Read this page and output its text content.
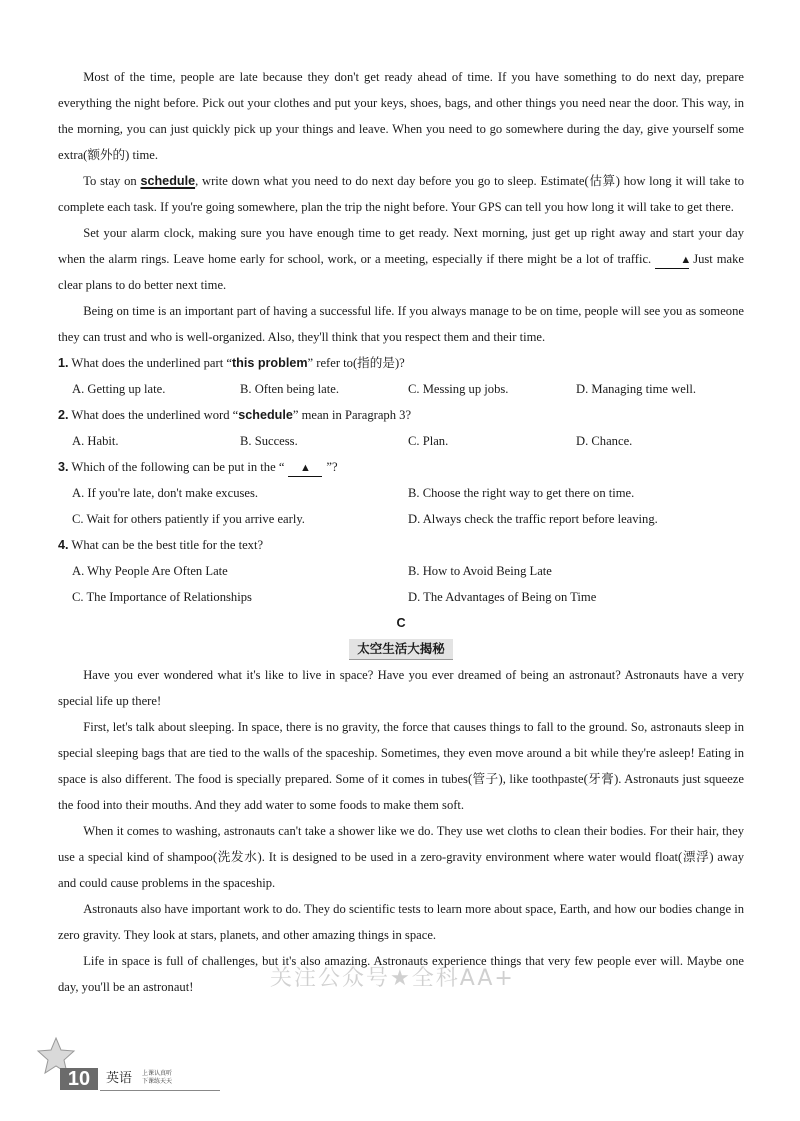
Most of the time, people are late because they don't get ready ahead of time. If you have something to do next day, prepare everything the night before. Pick out your clothes and put your keys, shoes, bags, and other things you need near the door. This way, in the morning, you can just quickly pick up your things and leave. When you need to go somewhere during the day, give yourself some extra(额外的) time.

To stay on schedule, write down what you need to do next day before you go to sleep. Estimate(估算) how long it will take to complete each task. If you're going somewhere, plan the trip the night before. Your GPS can tell you how long it will take to get there.

Set your alarm clock, making sure you have enough time to get ready. Next morning, just get up right away and start your day when the alarm rings. Leave home early for school, work, or a meeting, especially if there might be a lot of traffic.	▲ Just make clear plans to do better next time.

Being on time is an important part of having a successful life. If you always manage to be on time, people will see you as someone they can trust and who is well-organized. Also, they'll think that you respect them and their time.

1. What does the underlined part “this problem” refer to(指的是)?
A. Getting up late.	B. Often being late.	C. Messing up jobs.	D. Managing time well.
2. What does the underlined word “schedule” mean in Paragraph 3?
A. Habit.	B. Success.	C. Plan.	D. Chance.
3. Which of the following can be put in the “ ▲ ”?
A. If you're late, don't make excuses.	B. Choose the right way to get there on time.
C. Wait for others patiently if you arrive early.	D. Always check the traffic report before leaving.
4. What can be the best title for the text?
A. Why People Are Often Late	B. How to Avoid Being Late
C. The Importance of Relationships	D. The Advantages of Being on Time
C
太空生活大揭秘

Have you ever wondered what it's like to live in space? Have you ever dreamed of being an astronaut? Astronauts have a very special life up there!

First, let's talk about sleeping. In space, there is no gravity, the force that causes things to fall to the ground. So, astronauts sleep in special sleeping bags that are tied to the walls of the spaceship. Sometimes, they even move around a bit while they're asleep! Eating in space is also different. The food is specially prepared. Some of it comes in tubes(管子), like toothpaste(牙膏). Astronauts just squeeze the food into their mouths. And they add water to some foods to make them soft.

When it comes to washing, astronauts can't take a shower like we do. They use wet cloths to clean their bodies. For their hair, they use a special kind of shampoo(洗发水). It is designed to be used in a zero-gravity environment where water would float(漂浮) away and could cause problems in the spaceship.

Astronauts also have important work to do. They do scientific tests to learn more about space, Earth, and how our bodies change in zero gravity. They look at stars, planets, and other amazing things in space.

Life in space is full of challenges, but it's also amazing. Astronauts experience things that very few people ever will. Maybe one day, you'll be an astronaut!	关注公众号★全科AA+
10	英语 上课认真听
下课练天天
